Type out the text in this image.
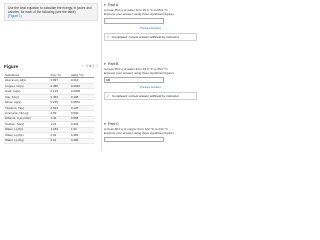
Use the heat equation to calculate the energy, in joules and
calories, for each of the following (see the table)
(Figure 1)
Figure	‹ 1 of 1 ›
Substance	J/(g·°C)	cal/(g·°C)
Aluminum, Al(s)	0.897	0.214
Copper, Cu(s)	0.385	0.0920
Gold, Au(s)	0.129	0.0308
Iron, Fe(s)	0.452	0.108
Silver, Ag(s)	0.235	0.0562
Titanium, Ti(s)	0.523	0.125
Ammonia, NH₃(g)	2.09	0.500
Ethanol, C₂H₅OH(l)	2.46	0.588
Sodium, Na(s)	1.23	0.294
Water, H₂O(l)	4.184	1.00
Water, H₂O(s)	2.03	0.485
Water, H₂O(g)	2.01	0.480
▾ Part A
to heat 35.0 g of water from 15.0 °C to 65.0 °C
Express your answer using three significant figures.
Previous Answers
✓ Completed; correct answer withheld by instructor
▾ Part B
to heat 35.0 g of water from 15.0 °C to 65.0 °C
Express your answer using three significant figures.
cal
Previous Answers
✓ Completed; correct answer withheld by instructor
▾ Part C
to heat 38.0 g of copper from 122 °C to 243 °C
Express your answer using three significant figures.
